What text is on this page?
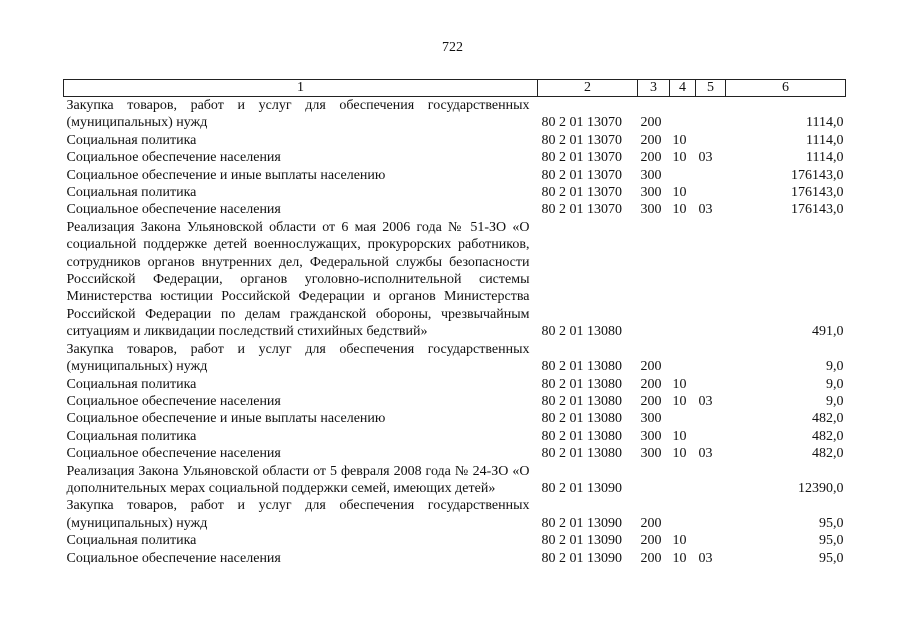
722
1	2	3	4	5	6
Закупка товаров, работ и услуг для обеспечения государственных (муниципальных) нужд	80 2 01 13070	200			1114,0
Социальная политика	80 2 01 13070	200	10		1114,0
Социальное обеспечение населения	80 2 01 13070	200	10	03	1114,0
Социальное обеспечение и иные выплаты населению	80 2 01 13070	300			176143,0
Социальная политика	80 2 01 13070	300	10		176143,0
Социальное обеспечение населения	80 2 01 13070	300	10	03	176143,0
Реализация Закона Ульяновской области от 6 мая 2006 года № 51-ЗО «О социальной поддержке детей военнослужащих, прокурорских работников, сотрудников органов внутренних дел, Федеральной службы безопасности Российской Федерации, органов уголовно-исполнительной системы Министерства юстиции Российской Федерации и органов Министерства Российской Федерации по делам гражданской обороны, чрезвычайным ситуациям и ликвидации последствий стихийных бедствий»	80 2 01 13080				491,0
Закупка товаров, работ и услуг для обеспечения государственных (муниципальных) нужд	80 2 01 13080	200			9,0
Социальная политика	80 2 01 13080	200	10		9,0
Социальное обеспечение населения	80 2 01 13080	200	10	03	9,0
Социальное обеспечение и иные выплаты населению	80 2 01 13080	300			482,0
Социальная политика	80 2 01 13080	300	10		482,0
Социальное обеспечение населения	80 2 01 13080	300	10	03	482,0
Реализация Закона Ульяновской области от 5 февраля 2008 года № 24-ЗО «О дополнительных мерах социальной поддержки семей, имеющих детей»	80 2 01 13090				12390,0
Закупка товаров, работ и услуг для обеспечения государственных (муниципальных) нужд	80 2 01 13090	200			95,0
Социальная политика	80 2 01 13090	200	10		95,0
Социальное обеспечение населения	80 2 01 13090	200	10	03	95,0
